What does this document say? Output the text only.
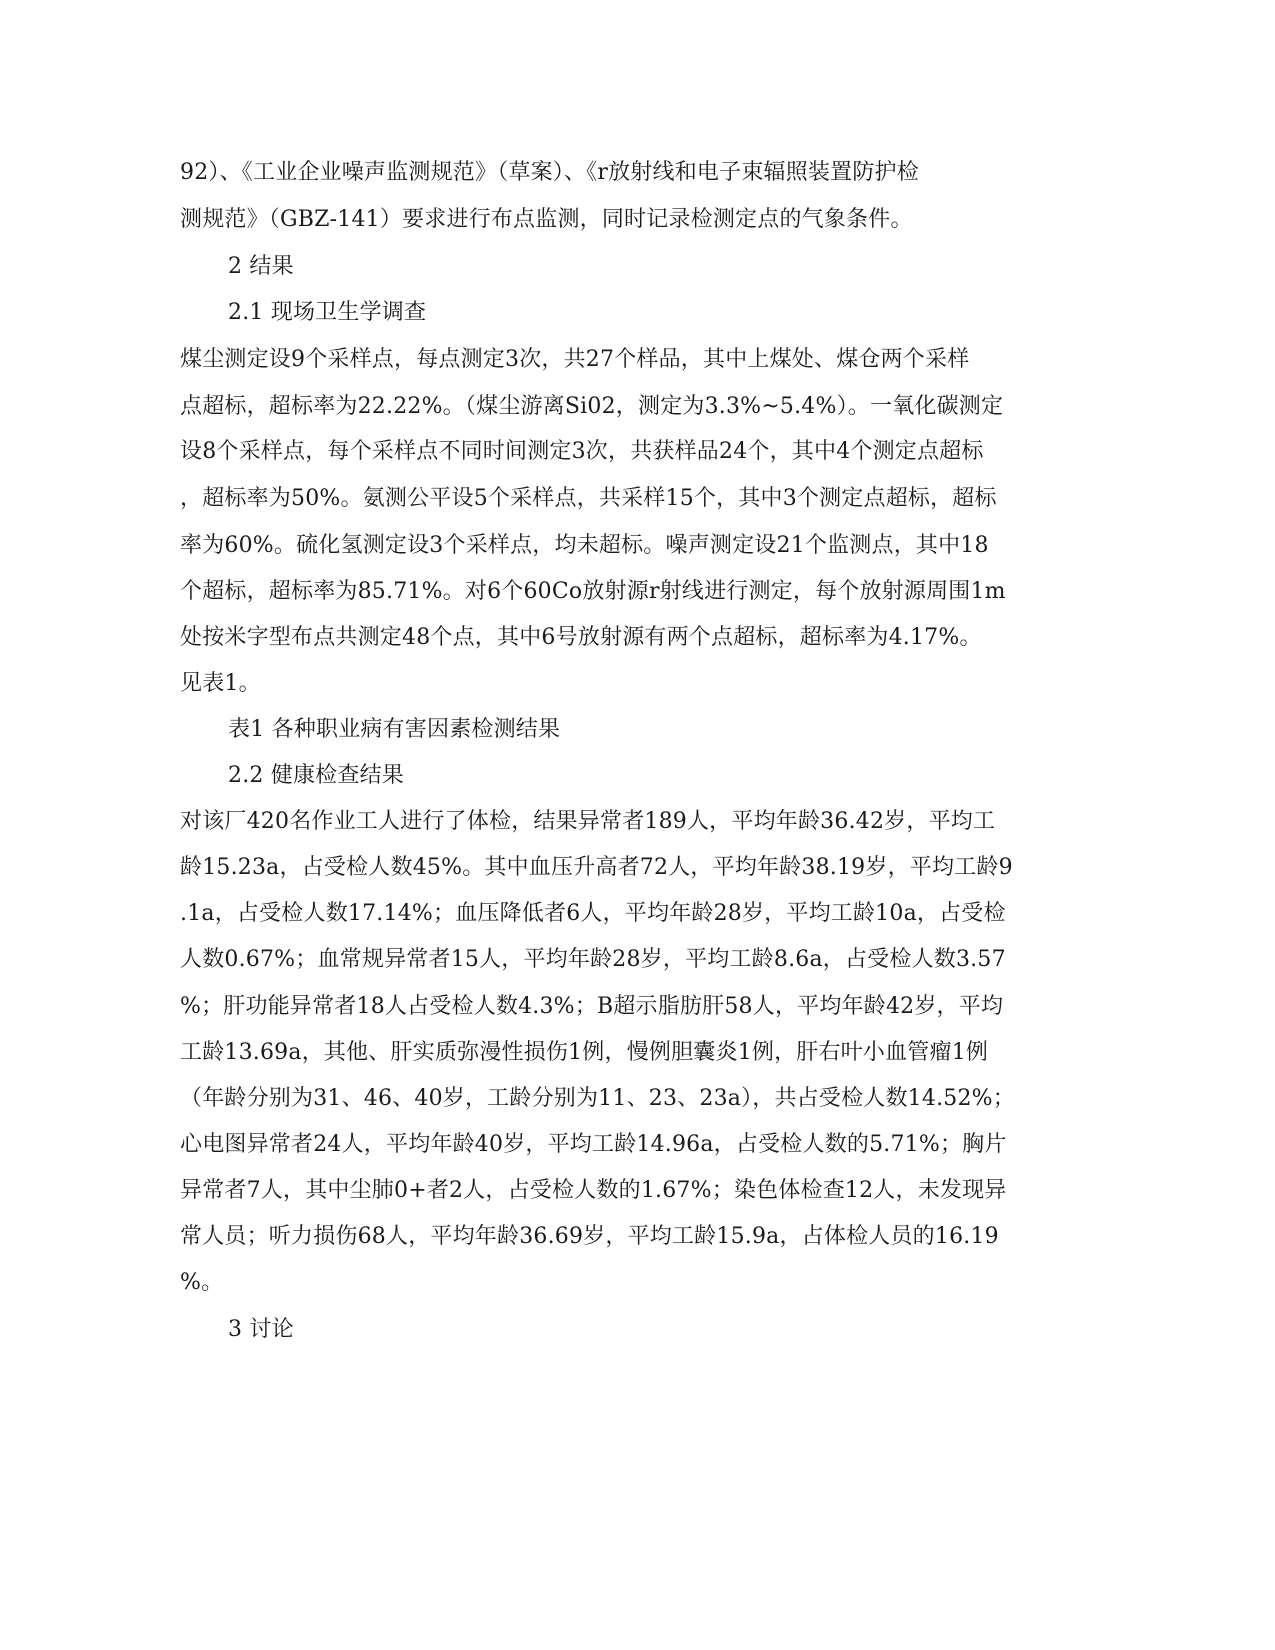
92）、《工业企业噪声监测规范》（草案）、《r放射线和电子束辐照装置防护检
测规范》（GBZ-141）要求进行布点监测，同时记录检测定点的气象条件。
2 结果
2.1 现场卫生学调查
煤尘测定设9个采样点，每点测定3次，共27个样品，其中上煤处、煤仓两个采样
点超标，超标率为22.22%。（煤尘游离Si02，测定为3.3%~5.4%）。一氧化碳测定
设8个采样点，每个采样点不同时间测定3次，共获样品24个，其中4个测定点超标
，超标率为50%。氨测公平设5个采样点，共采样15个，其中3个测定点超标，超标
率为60%。硫化氢测定设3个采样点，均未超标。噪声测定设21个监测点，其中18
个超标，超标率为85.71%。对6个60Co放射源r射线进行测定，每个放射源周围1m
处按米字型布点共测定48个点，其中6号放射源有两个点超标，超标率为4.17%。
见表1。
表1 各种职业病有害因素检测结果
2.2 健康检查结果
对该厂420名作业工人进行了体检，结果异常者189人，平均年龄36.42岁，平均工
龄15.23a，占受检人数45%。其中血压升高者72人，平均年龄38.19岁，平均工龄9
.1a，占受检人数17.14%；血压降低者6人，平均年龄28岁，平均工龄10a，占受检
人数0.67%；血常规异常者15人，平均年龄28岁，平均工龄8.6a，占受检人数3.57
%；肝功能异常者18人占受检人数4.3%；B超示脂肪肝58人，平均年龄42岁，平均
工龄13.69a，其他、肝实质弥漫性损伤1例，慢例胆囊炎1例，肝右叶小血管瘤1例
（年龄分别为31、46、40岁，工龄分别为11、23、23a），共占受检人数14.52%；
心电图异常者24人，平均年龄40岁，平均工龄14.96a，占受检人数的5.71%；胸片
异常者7人，其中尘肺0+者2人，占受检人数的1.67%；染色体检查12人，未发现异
常人员；听力损伤68人，平均年龄36.69岁，平均工龄15.9a，占体检人员的16.19
%。
3 讨论
